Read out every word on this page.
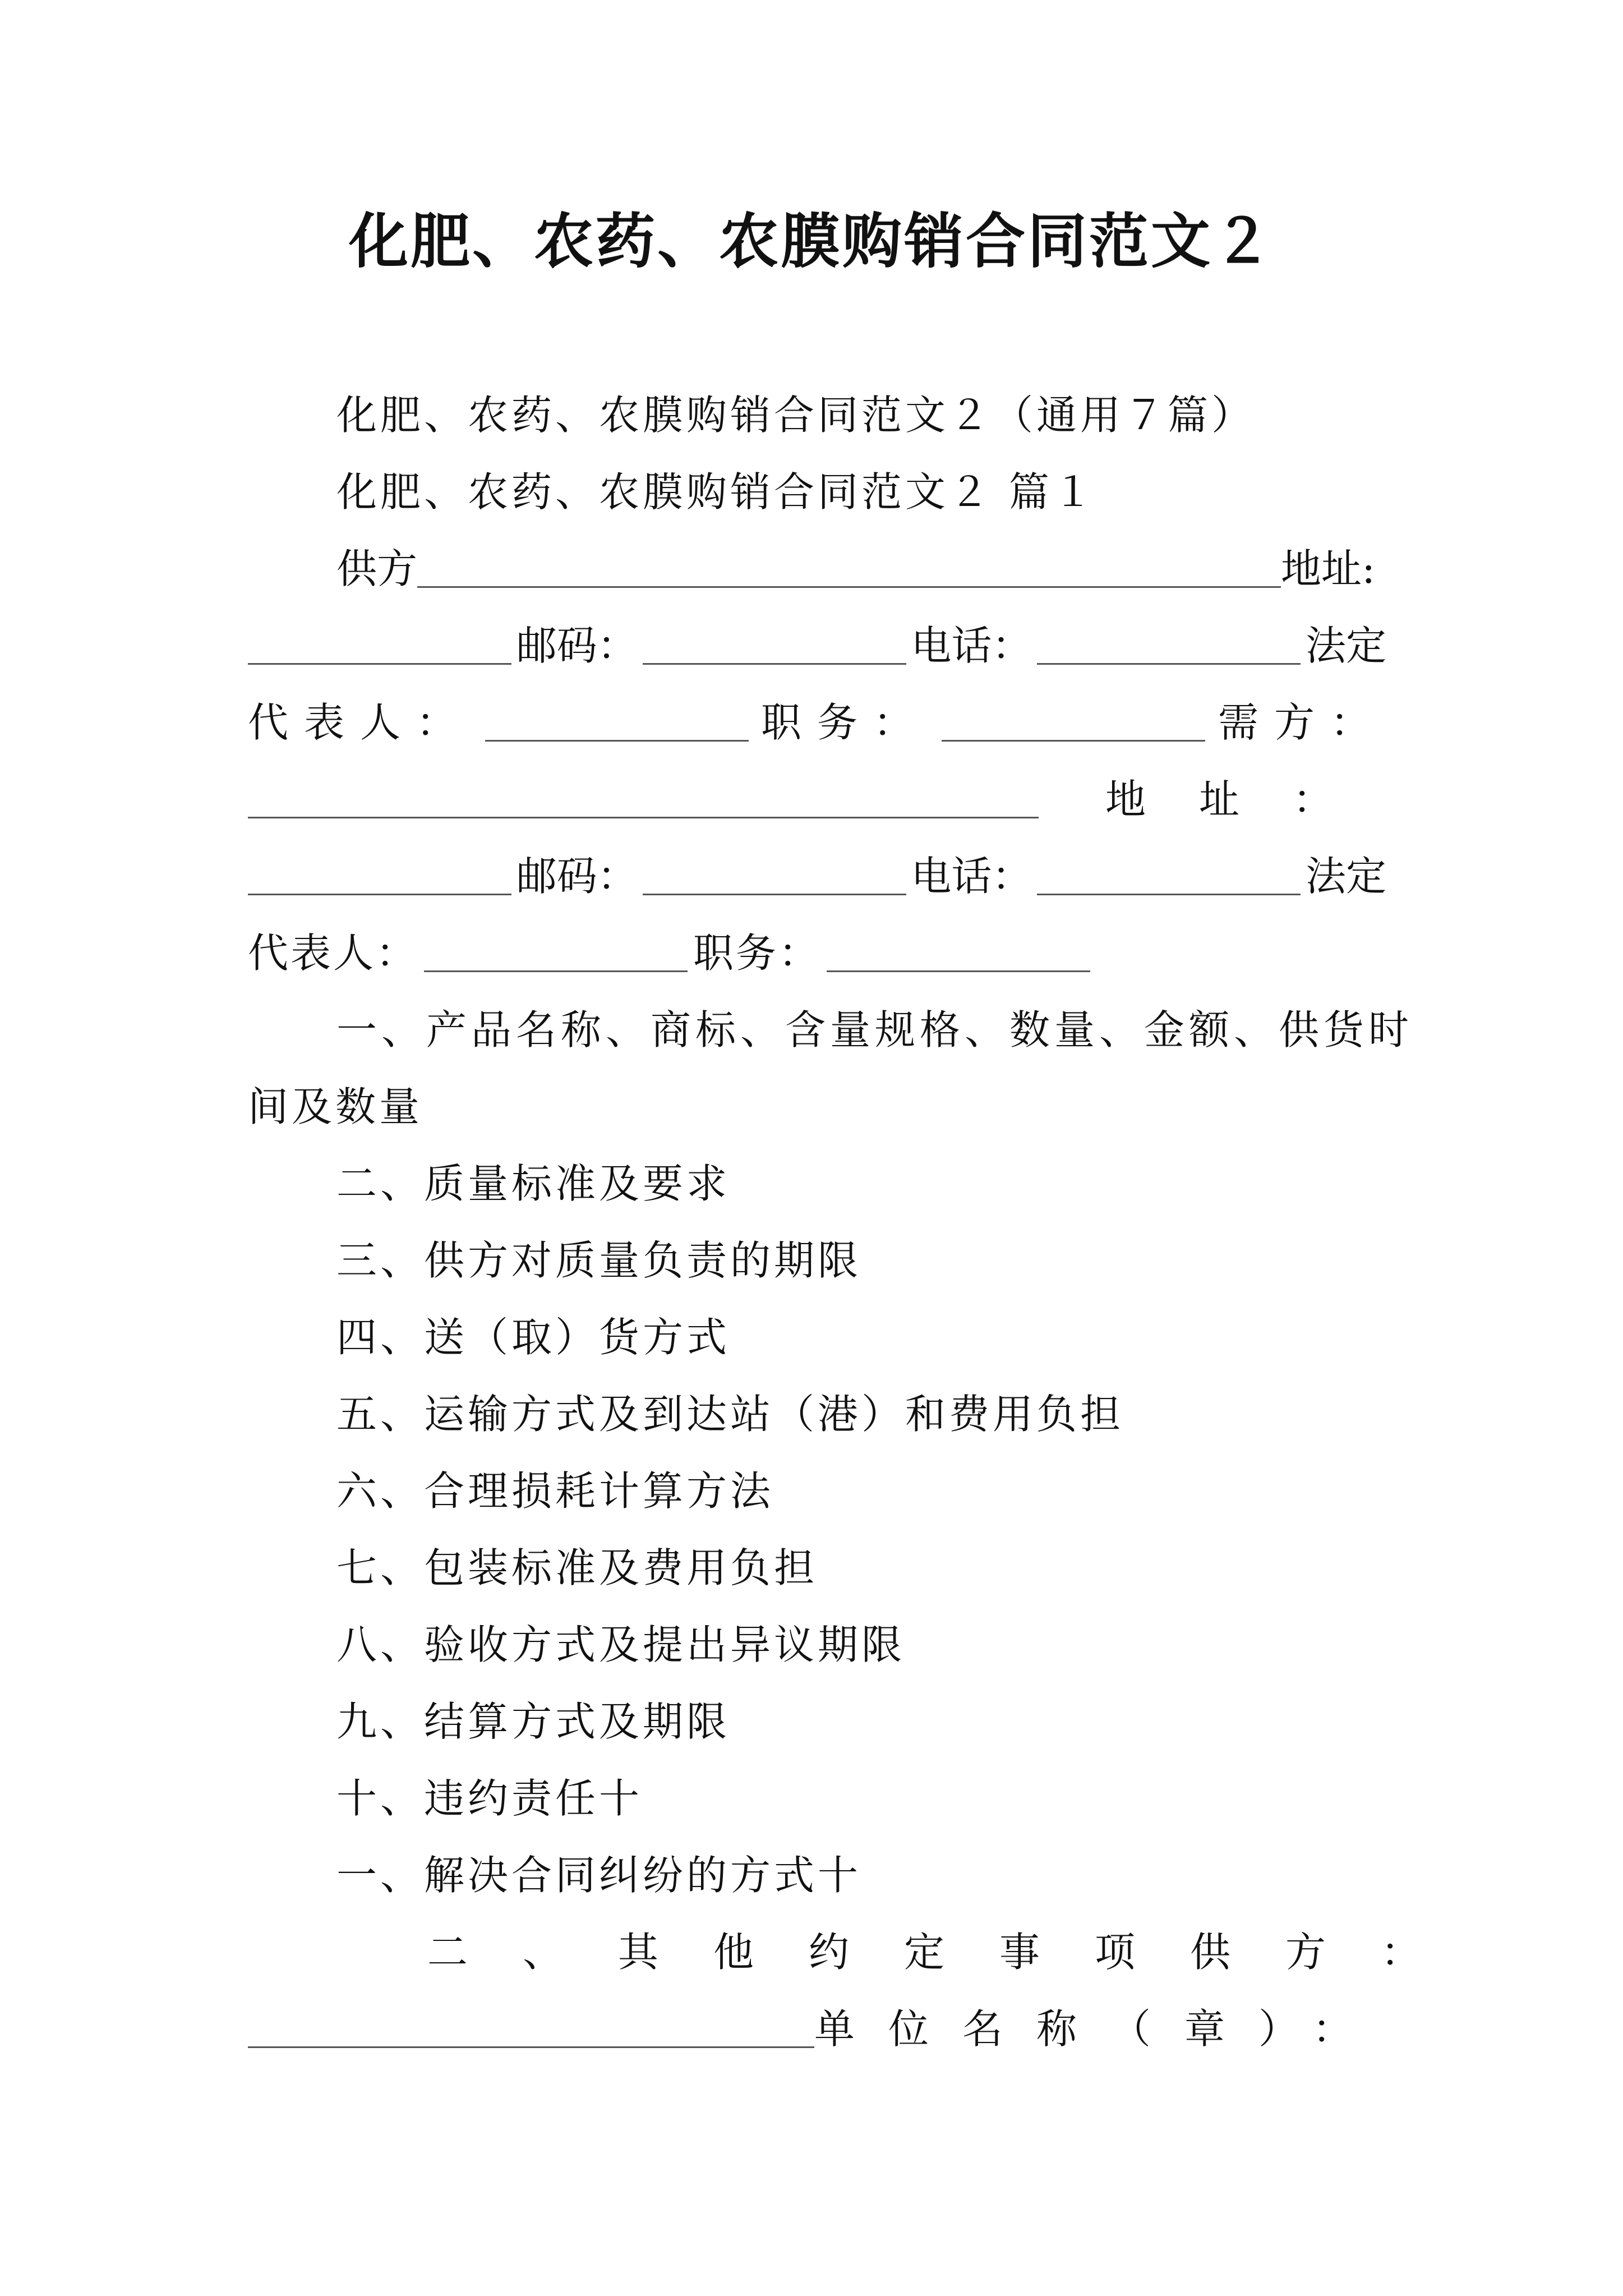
化肥、农药、农膜购销合同范文２
化肥、农药、农膜购销合同范文２（通用７篇）
化肥、农药、农膜购销合同范文２ 篇１
供方	地址:
邮码：	电话：	法定
代表人：	职务：	需方：
地址：
邮码：	电话：	法定
代表人：	职务：
一、产品名称、商标、含量规格、数量、金额、供货时
间及数量
二、质量标准及要求
三、供方对质量负责的期限
四、送（取）货方式
五、运输方式及到达站（港）和费用负担
六、合理损耗计算方法
七、包装标准及费用负担
八、验收方式及提出异议期限
九、结算方式及期限
十、违约责任十
一、解决合同纠纷的方式十
二、其他约定事项供方：
单位名称（章）：
